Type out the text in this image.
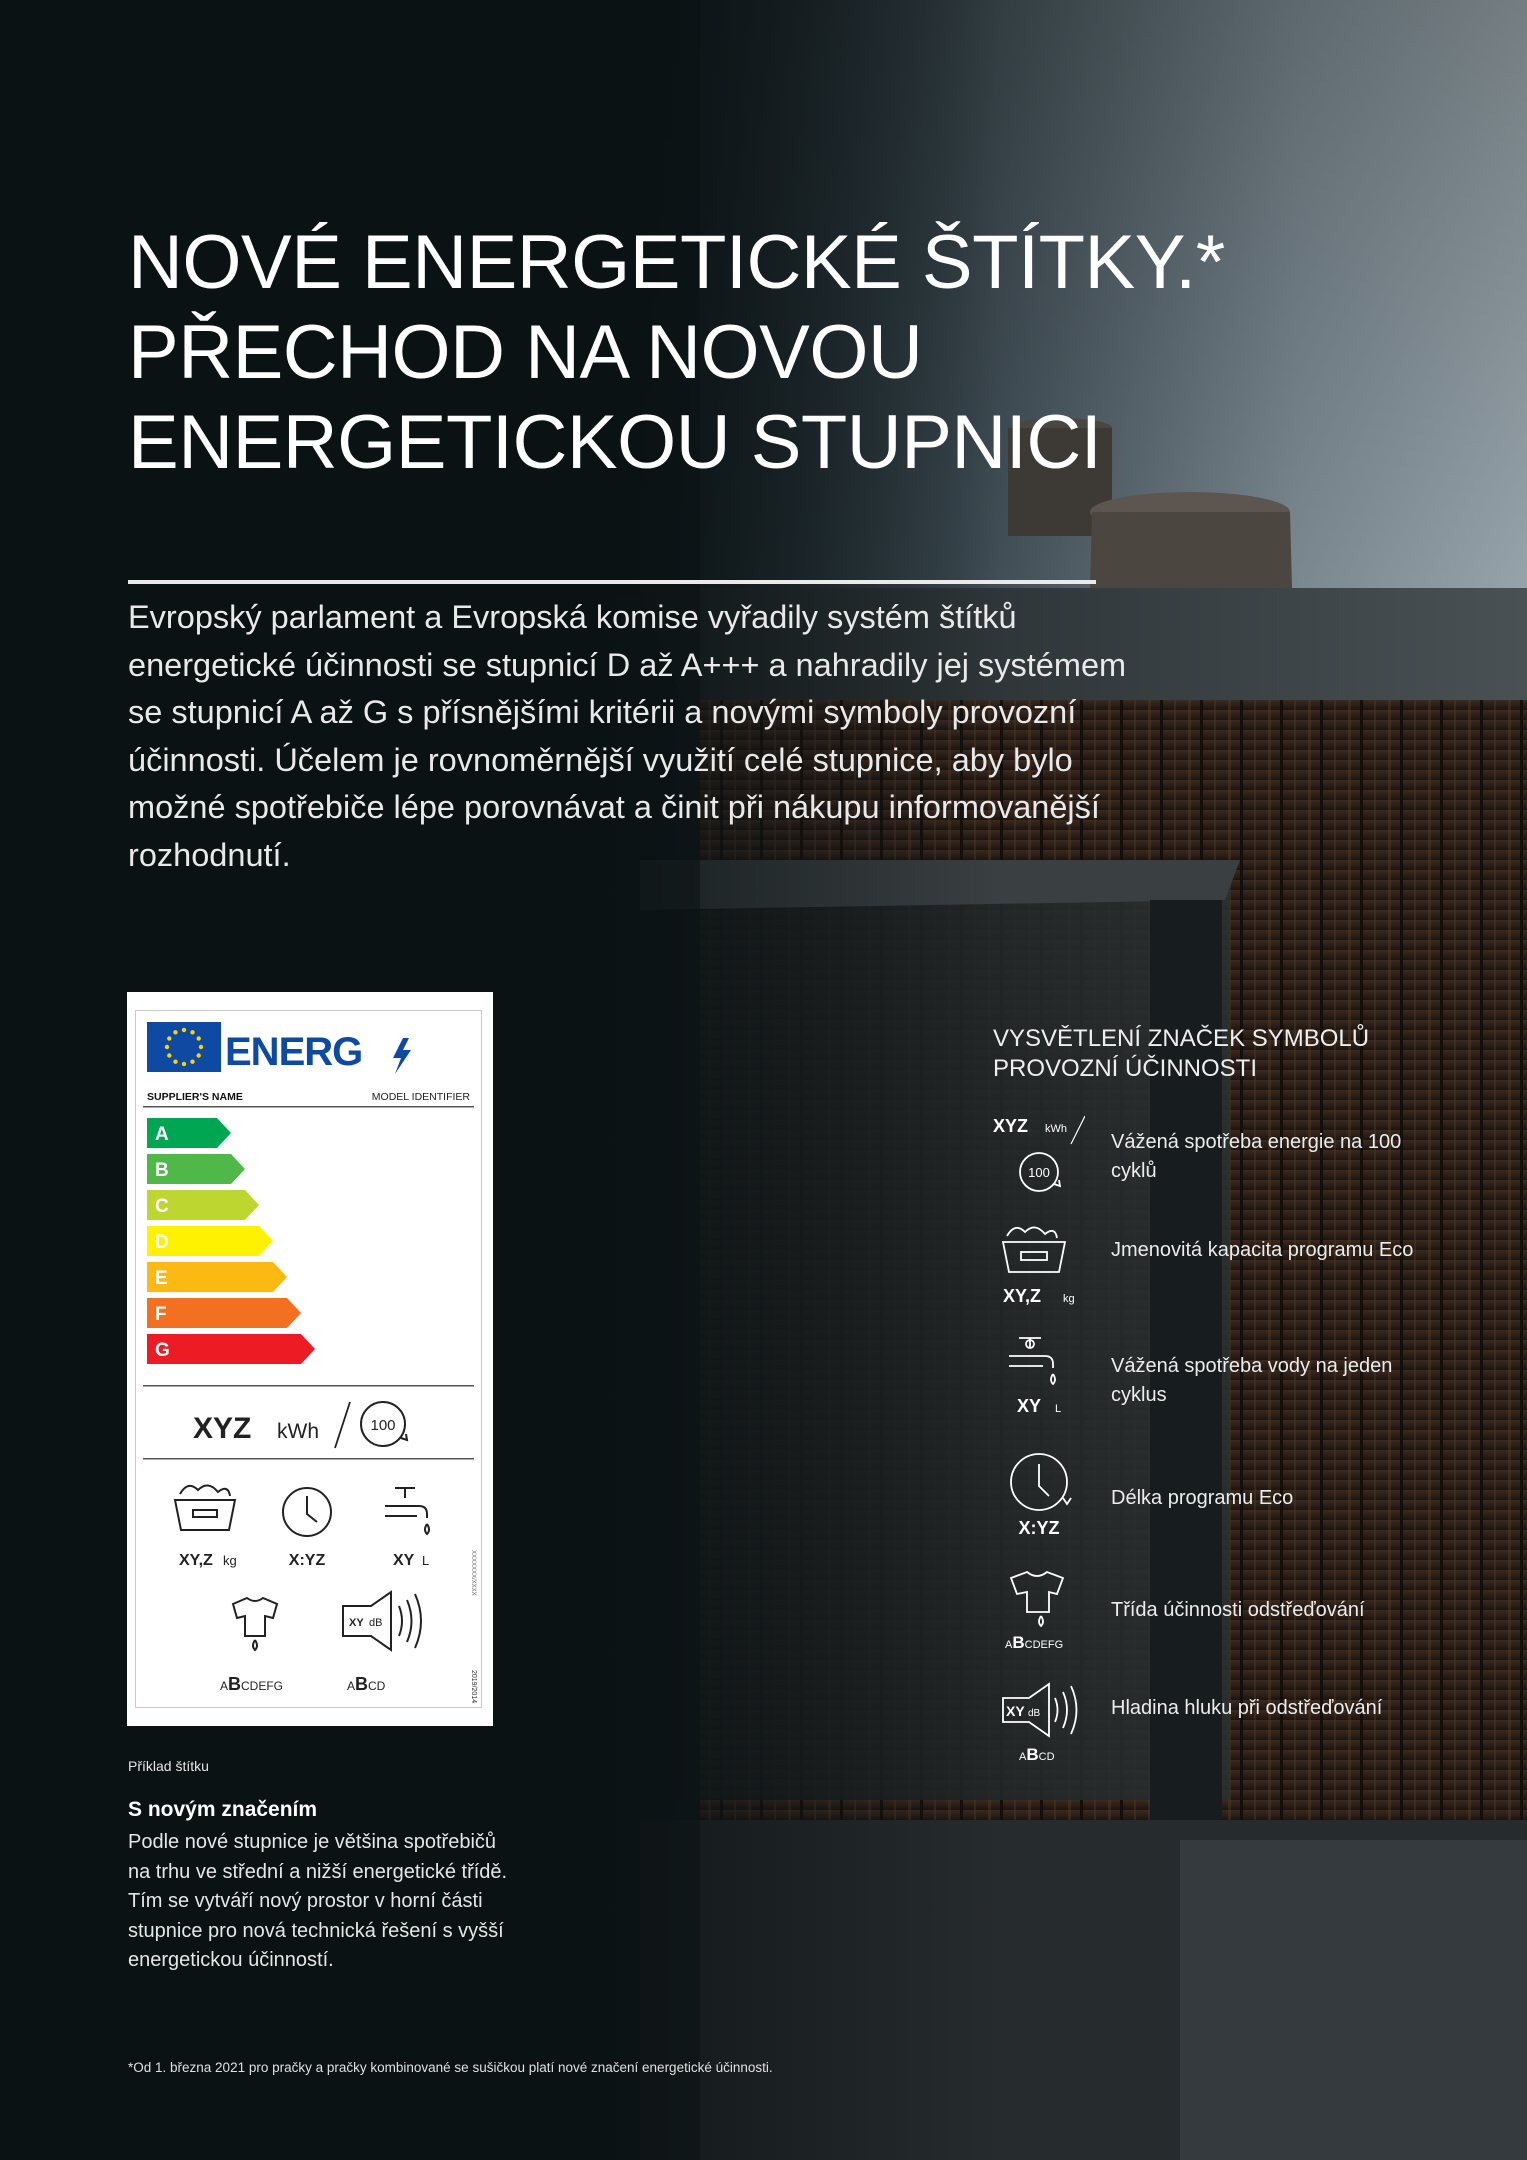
NOVÉ ENERGETICKÉ ŠTÍTKY.*
PŘECHOD NA NOVOU
ENERGETICKOU STUPNICI

Evropský parlament a Evropská komise vyřadily systém štítků energetické účinnosti se stupnicí D až A+++ a nahradily jej systémem se stupnicí A až G s přísnějšími kritérii a novými symboly provozní účinnosti. Účelem je rovnoměrnější využití celé stupnice, aby bylo možné spotřebiče lépe porovnávat a činit při nákupu informovanější rozhodnutí.

ENERG
SUPPLIER'S NAME	MODEL IDENTIFIER
A
B
C
D
E
F
G
XYZ kWh	100
XY,Z kg	X:YZ	XY L
ABCDEFG
XY dB
ABCD	2019/2014
XXXXXXX/XXXX

Příklad štítku

S novým značením

Podle nové stupnice je většina spotřebičů na trhu ve střední a nižší energetické třídě. Tím se vytváří nový prostor v horní části stupnice pro nová technická řešení s vyšší energetickou účinností.

VYSVĚTLENÍ ZNAČEK SYMBOLŮ
PROVOZNÍ ÚČINNOSTI
XYZ kWh
100
Vážená spotřeba energie na 100 cyklů
XY,Z kg
Jmenovitá kapacita programu Eco
XY L
Vážená spotřeba vody na jeden cyklus
X:YZ
Délka programu Eco
ABCDEFG
Třída účinnosti odstřeďování
XY dB
ABCD
Hladina hluku při odstřeďování

*Od 1. března 2021 pro pračky a pračky kombinované se sušičkou platí nové značení energetické účinnosti.
